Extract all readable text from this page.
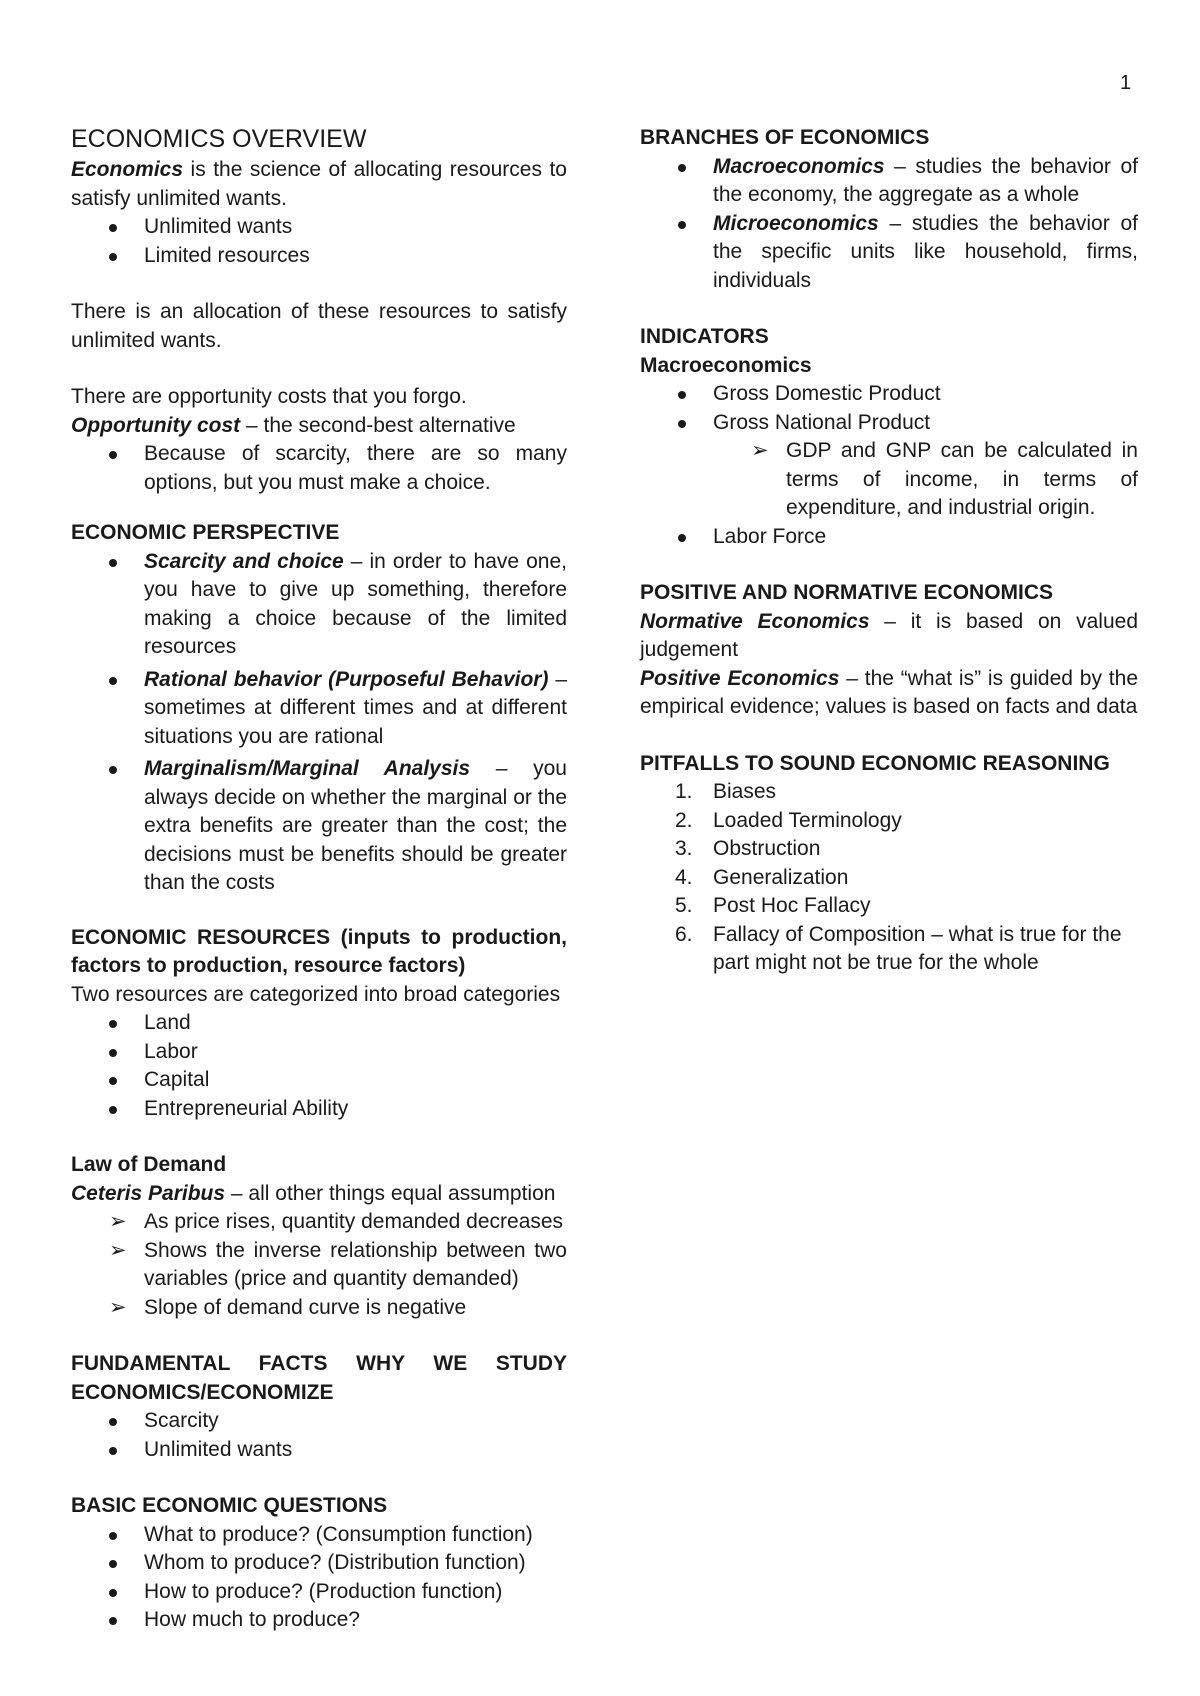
1
ECONOMICS OVERVIEW

Economics is the science of allocating resources to satisfy unlimited wants.

Unlimited wants
Limited resources

There is an allocation of these resources to satisfy unlimited wants.

There are opportunity costs that you forgo.

Opportunity cost – the second-best alternative

Because of scarcity, there are so many options, but you must make a choice.

ECONOMIC PERSPECTIVE

Scarcity and choice – in order to have one, you have to give up something, therefore making a choice because of the limited resources
Rational behavior (Purposeful Behavior) – sometimes at different times and at different situations you are rational
Marginalism/Marginal Analysis – you always decide on whether the marginal or the extra benefits are greater than the cost; the decisions must be benefits should be greater than the costs

ECONOMIC RESOURCES (inputs to production, factors to production, resource factors)

Two resources are categorized into broad categories

Land
Labor
Capital
Entrepreneurial Ability

Law of Demand

Ceteris Paribus – all other things equal assumption

➢ As price rises, quantity demanded decreases
➢ Shows the inverse relationship between two variables (price and quantity demanded)
➢ Slope of demand curve is negative

FUNDAMENTAL FACTS WHY WE STUDY ECONOMICS/ECONOMIZE

Scarcity
Unlimited wants

BASIC ECONOMIC QUESTIONS

What to produce? (Consumption function)
Whom to produce? (Distribution function)
How to produce? (Production function)
How much to produce?

BRANCHES OF ECONOMICS

Macroeconomics – studies the behavior of the economy, the aggregate as a whole
Microeconomics – studies the behavior of the specific units like household, firms, individuals

INDICATORS

Macroeconomics

Gross Domestic Product
Gross National Product
➢ GDP and GNP can be calculated in terms of income, in terms of expenditure, and industrial origin.
Labor Force

POSITIVE AND NORMATIVE ECONOMICS

Normative Economics – it is based on valued judgement

Positive Economics – the “what is” is guided by the empirical evidence; values is based on facts and data

PITFALLS TO SOUND ECONOMIC REASONING

1. Biases
2. Loaded Terminology
3. Obstruction
4. Generalization
5. Post Hoc Fallacy
6. Fallacy of Composition – what is true for the part might not be true for the whole
